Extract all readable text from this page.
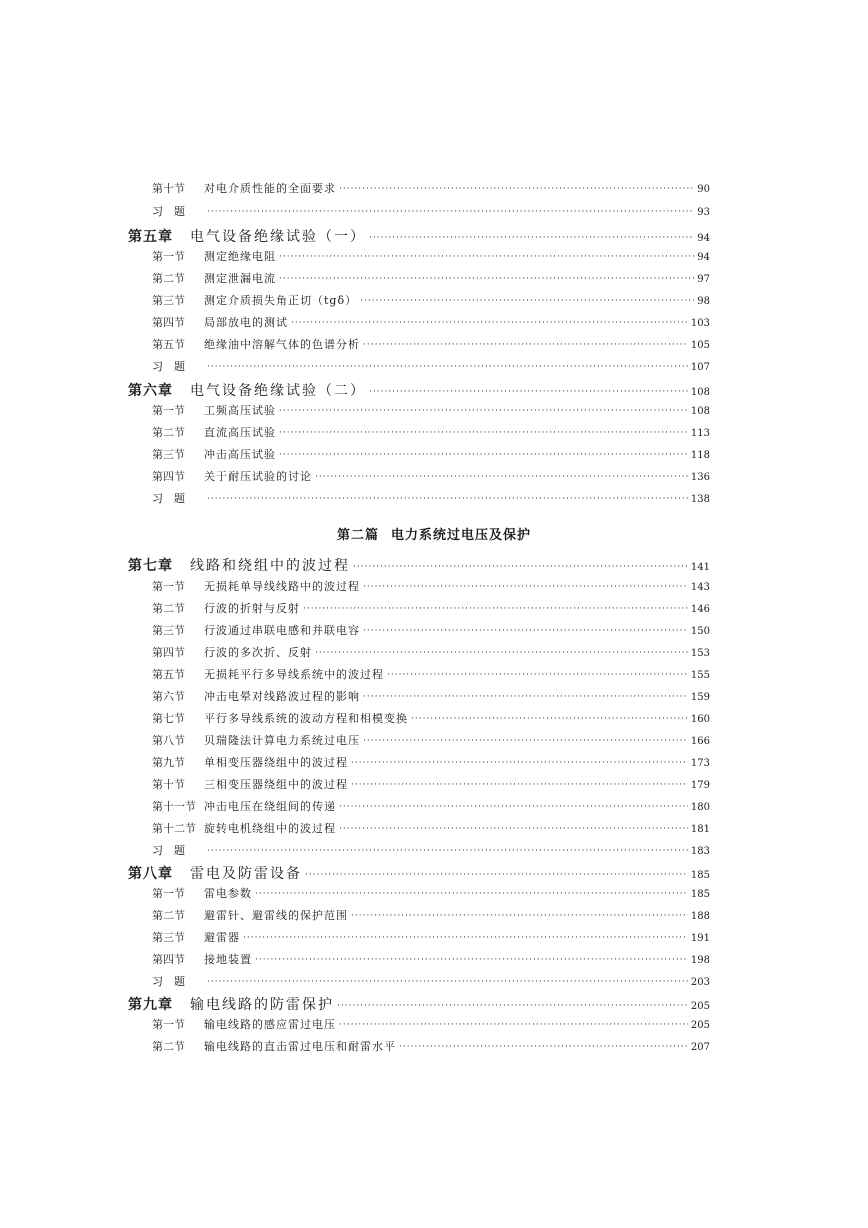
第十节	对电介质性能的全面要求 ·····	90
习　题 ·····	93
第五章	电气设备绝缘试验（一） ·····	94
第一节	测定绝缘电阻 ·····	94
第二节	测定泄漏电流 ·····	97
第三节	测定介质损失角正切（tgδ） ·····	98
第四节	局部放电的测试 ·····	103
第五节	绝缘油中溶解气体的色谱分析 ·····	105
习　题 ·····	107
第六章	电气设备绝缘试验（二） ·····	108
第一节	工频高压试验 ·····	108
第二节	直流高压试验 ·····	113
第三节	冲击高压试验 ·····	118
第四节	关于耐压试验的讨论 ·····	136
习　题 ·····	138
第七章	线路和绕组中的波过程 ·····	141
第一节	无损耗单导线线路中的波过程 ·····	143
第二节	行波的折射与反射 ·····	146
第三节	行波通过串联电感和并联电容 ·····	150
第四节	行波的多次折、反射 ·····	153
第五节	无损耗平行多导线系统中的波过程 ·····	155
第六节	冲击电晕对线路波过程的影响 ·····	159
第七节	平行多导线系统的波动方程和相模变换 ·····	160
第八节	贝瑞隆法计算电力系统过电压 ·····	166
第九节	单相变压器绕组中的波过程 ·····	173
第十节	三相变压器绕组中的波过程 ·····	179
第十一节 冲击电压在绕组间的传递 ·····	180
第十二节 旋转电机绕组中的波过程 ·····	181
习　题 ·····	183
第八章	雷电及防雷设备 ·····	185
第一节	雷电参数 ·····	185
第二节	避雷针、避雷线的保护范围 ·····	188
第三节	避雷器 ·····	191
第四节	接地装置 ·····	198
习　题 ·····	203
第九章	输电线路的防雷保护 ·····	205
第一节	输电线路的感应雷过电压 ·····	205
第二节	输电线路的直击雷过电压和耐雷水平 ·····	207
第二篇 电力系统过电压及保护
